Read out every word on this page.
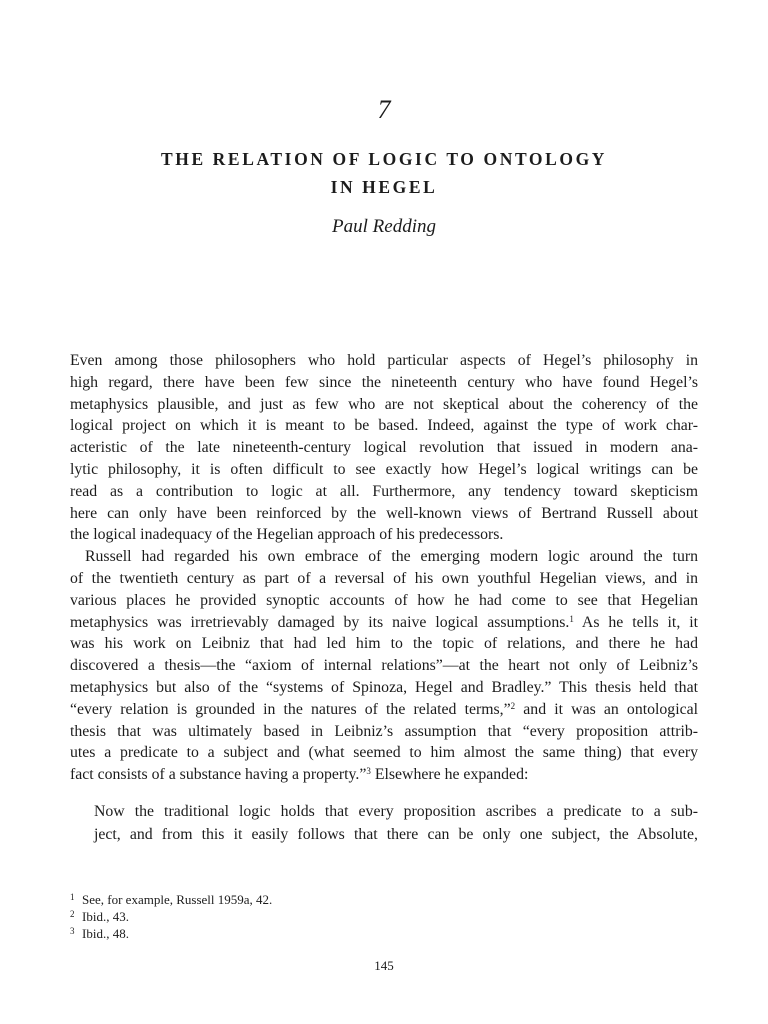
7
THE RELATION OF LOGIC TO ONTOLOGY
IN HEGEL
Paul Redding
Even among those philosophers who hold particular aspects of Hegel’s philosophy in
high regard, there have been few since the nineteenth century who have found Hegel’s
metaphysics plausible, and just as few who are not skeptical about the coherency of the
logical project on which it is meant to be based. Indeed, against the type of work char-
acteristic of the late nineteenth-century logical revolution that issued in modern ana-
lytic philosophy, it is often difficult to see exactly how Hegel’s logical writings can be
read as a contribution to logic at all. Furthermore, any tendency toward skepticism
here can only have been reinforced by the well-known views of Bertrand Russell about
the logical inadequacy of the Hegelian approach of his predecessors.
Russell had regarded his own embrace of the emerging modern logic around the turn
of the twentieth century as part of a reversal of his own youthful Hegelian views, and in
various places he provided synoptic accounts of how he had come to see that Hegelian
metaphysics was irretrievably damaged by its naive logical assumptions.$^1$ As he tells it, it
was his work on Leibniz that had led him to the topic of relations, and there he had
discovered a thesis—the “axiom of internal relations”—at the heart not only of Leibniz’s
metaphysics but also of the “systems of Spinoza, Hegel and Bradley.” This thesis held that
“every relation is grounded in the natures of the related terms,”$^2$ and it was an ontological
thesis that was ultimately based in Leibniz’s assumption that “every proposition attrib-
utes a predicate to a subject and (what seemed to him almost the same thing) that every
fact consists of a substance having a property.”$^3$ Elsewhere he expanded:
Now the traditional logic holds that every proposition ascribes a predicate to a sub-
ject, and from this it easily follows that there can be only one subject, the Absolute,
1 See, for example, Russell 1959a, 42.
2 Ibid., 43.
3 Ibid., 48.
145
